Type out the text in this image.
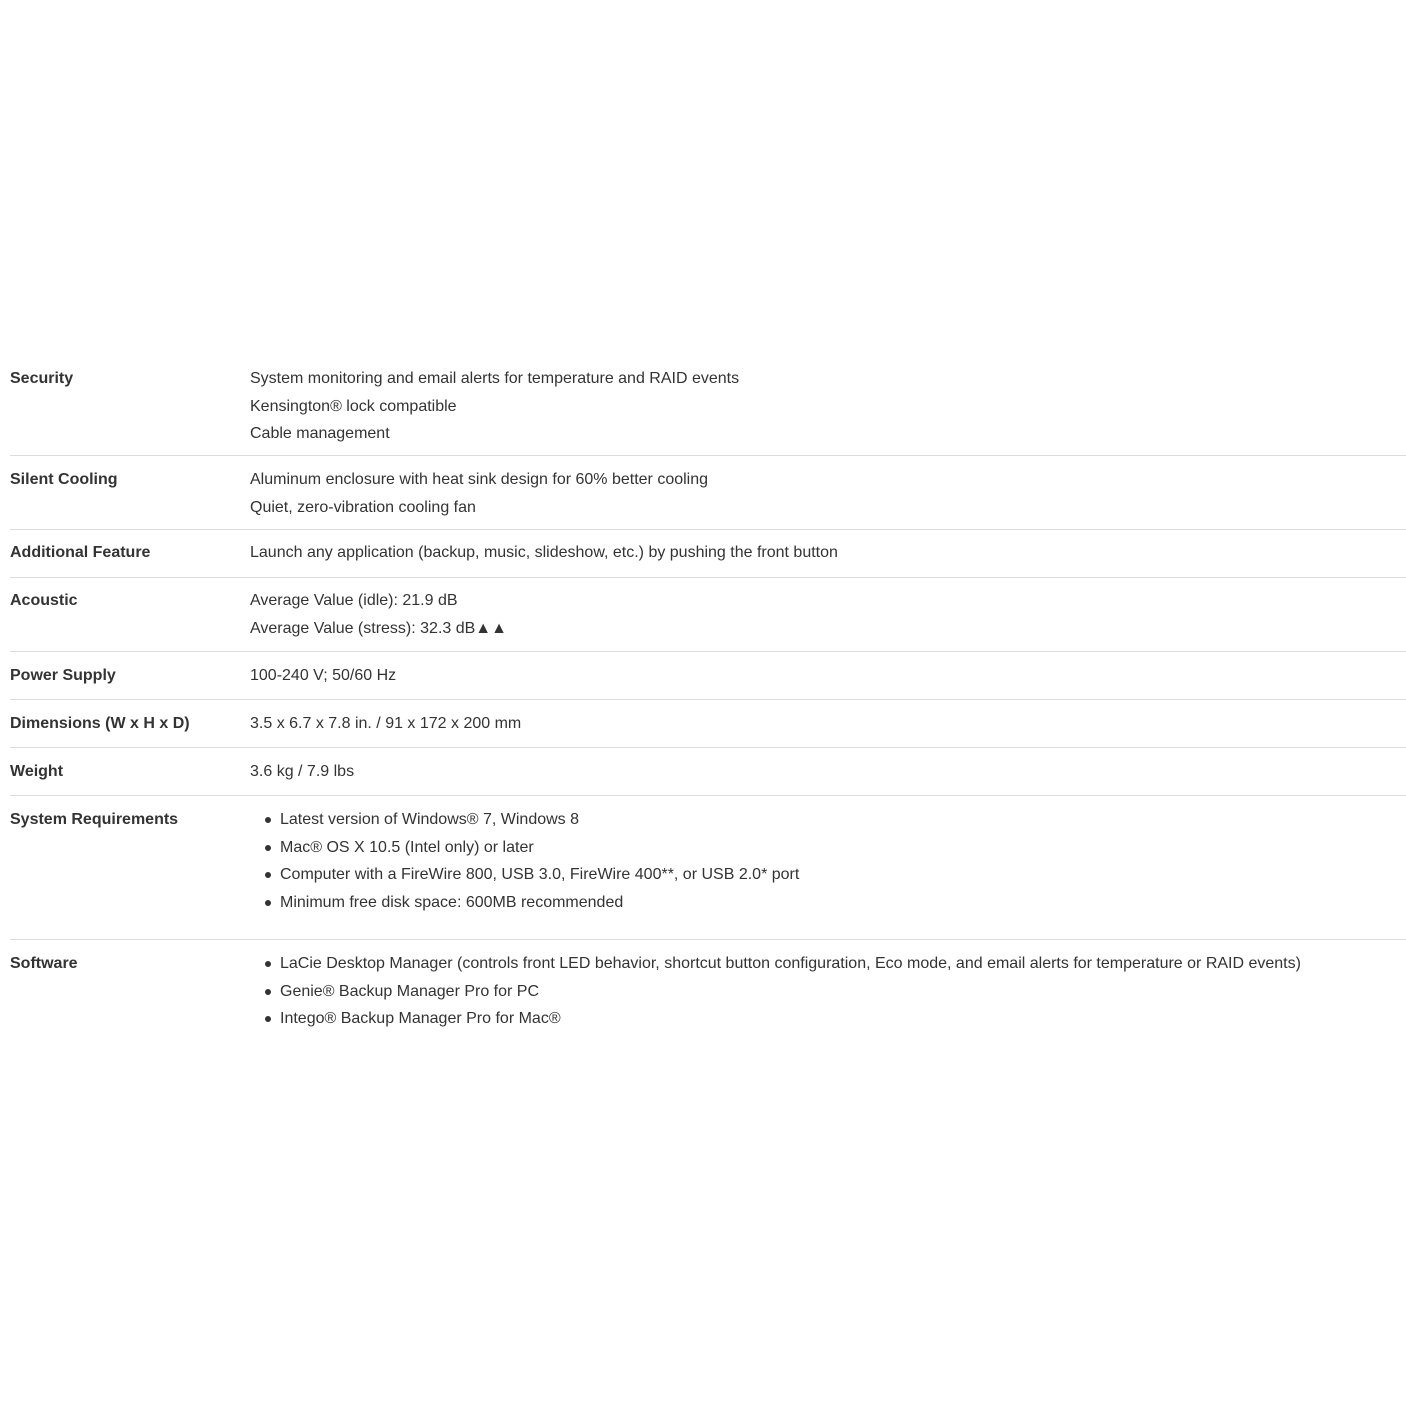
Security	System monitoring and email alerts for temperature and RAID events
Kensington® lock compatible
Cable management
Silent Cooling	Aluminum enclosure with heat sink design for 60% better cooling
Quiet, zero-vibration cooling fan
Additional Feature	Launch any application (backup, music, slideshow, etc.) by pushing the front button
Acoustic	Average Value (idle): 21.9 dB
Average Value (stress): 32.3 dB▲▲
Power Supply	100-240 V; 50/60 Hz
Dimensions (W x H x D)	3.5 x 6.7 x 7.8 in. / 91 x 172 x 200 mm
Weight	3.6 kg / 7.9 lbs
System Requirements	Latest version of Windows® 7, Windows 8
Mac® OS X 10.5 (Intel only) or later
Computer with a FireWire 800, USB 3.0, FireWire 400**, or USB 2.0* port
Minimum free disk space: 600MB recommended
Software	LaCie Desktop Manager (controls front LED behavior, shortcut button configuration, Eco mode, and email alerts for temperature or RAID events)
Genie® Backup Manager Pro for PC
Intego® Backup Manager Pro for Mac®
